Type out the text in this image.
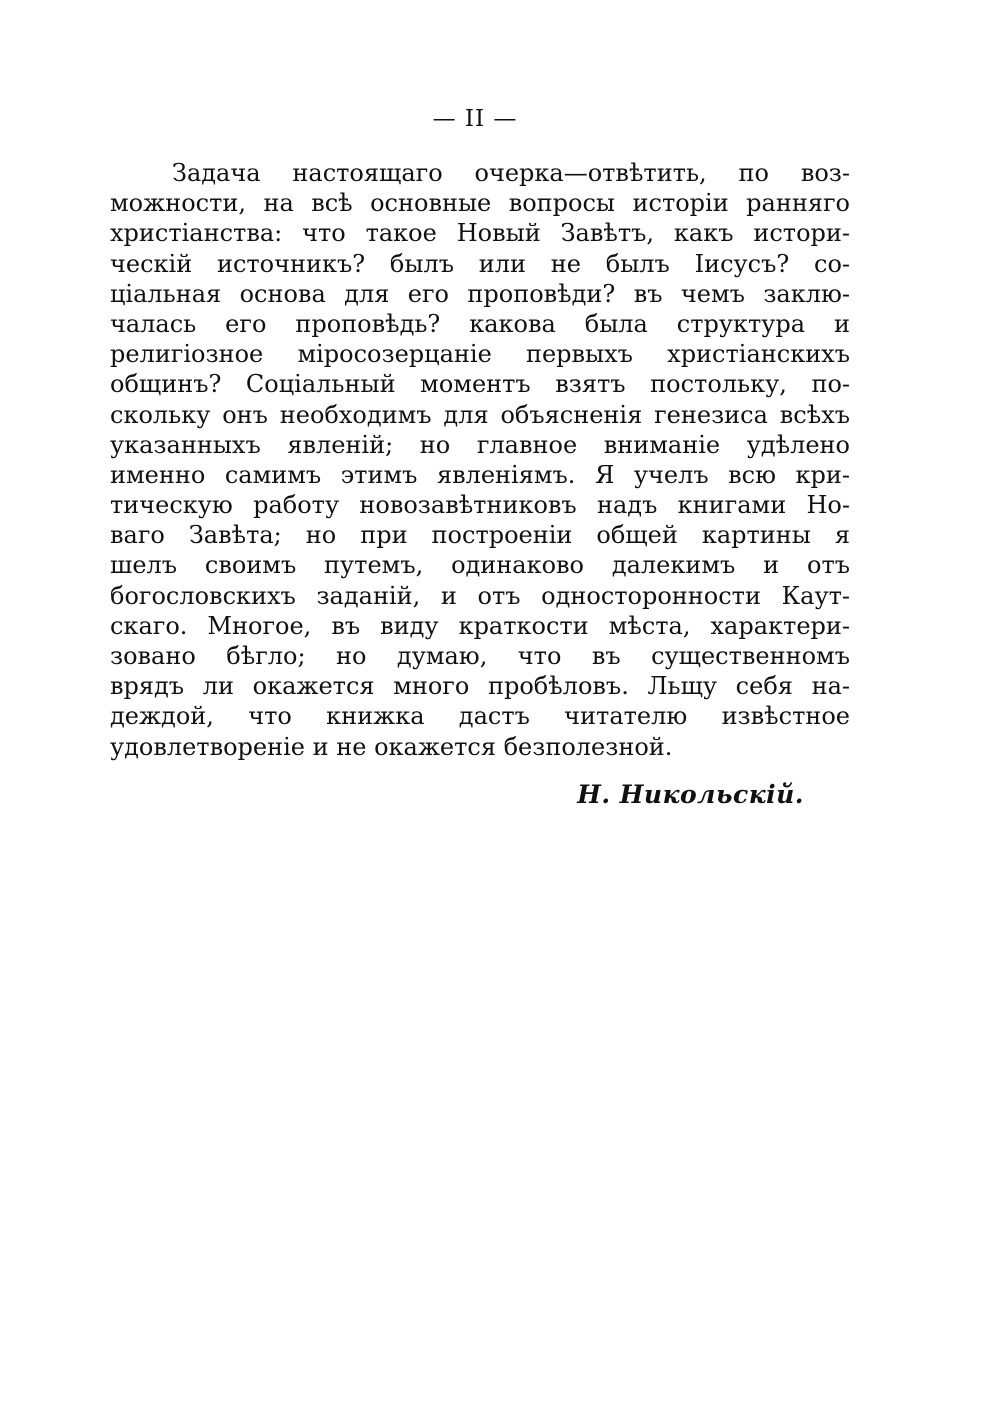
— II —
Задача настоящаго очерка—отвѣтить, по воз-
можности, на всѣ основные вопросы исторіи ранняго
христіанства: что такое Новый Завѣтъ, какъ истори-
ческій источникъ? былъ или не былъ Іисусъ? со-
ціальная основа для его проповѣди? въ чемъ заклю-
чалась его проповѣдь? какова была структура и
религіозное міросозерцаніе первыхъ христіанскихъ
общинъ? Соціальный моментъ взятъ постольку, по-
скольку онъ необходимъ для объясненія генезиса всѣхъ
указанныхъ явленій; но главное вниманіе удѣлено
именно самимъ этимъ явленіямъ. Я учелъ всю кри-
тическую работу новозавѣтниковъ надъ книгами Но-
ваго Завѣта; но при построеніи общей картины я
шелъ своимъ путемъ, одинаково далекимъ и отъ
богословскихъ заданій, и отъ односторонности Каут-
скаго. Многое, въ виду краткости мѣста, характери-
зовано бѣгло; но думаю, что въ существенномъ
врядъ ли окажется много пробѣловъ. Льщу себя на-
деждой, что книжка дастъ читателю извѣстное
удовлетвореніе и не окажется безполезной.
Н. Никольскій.
